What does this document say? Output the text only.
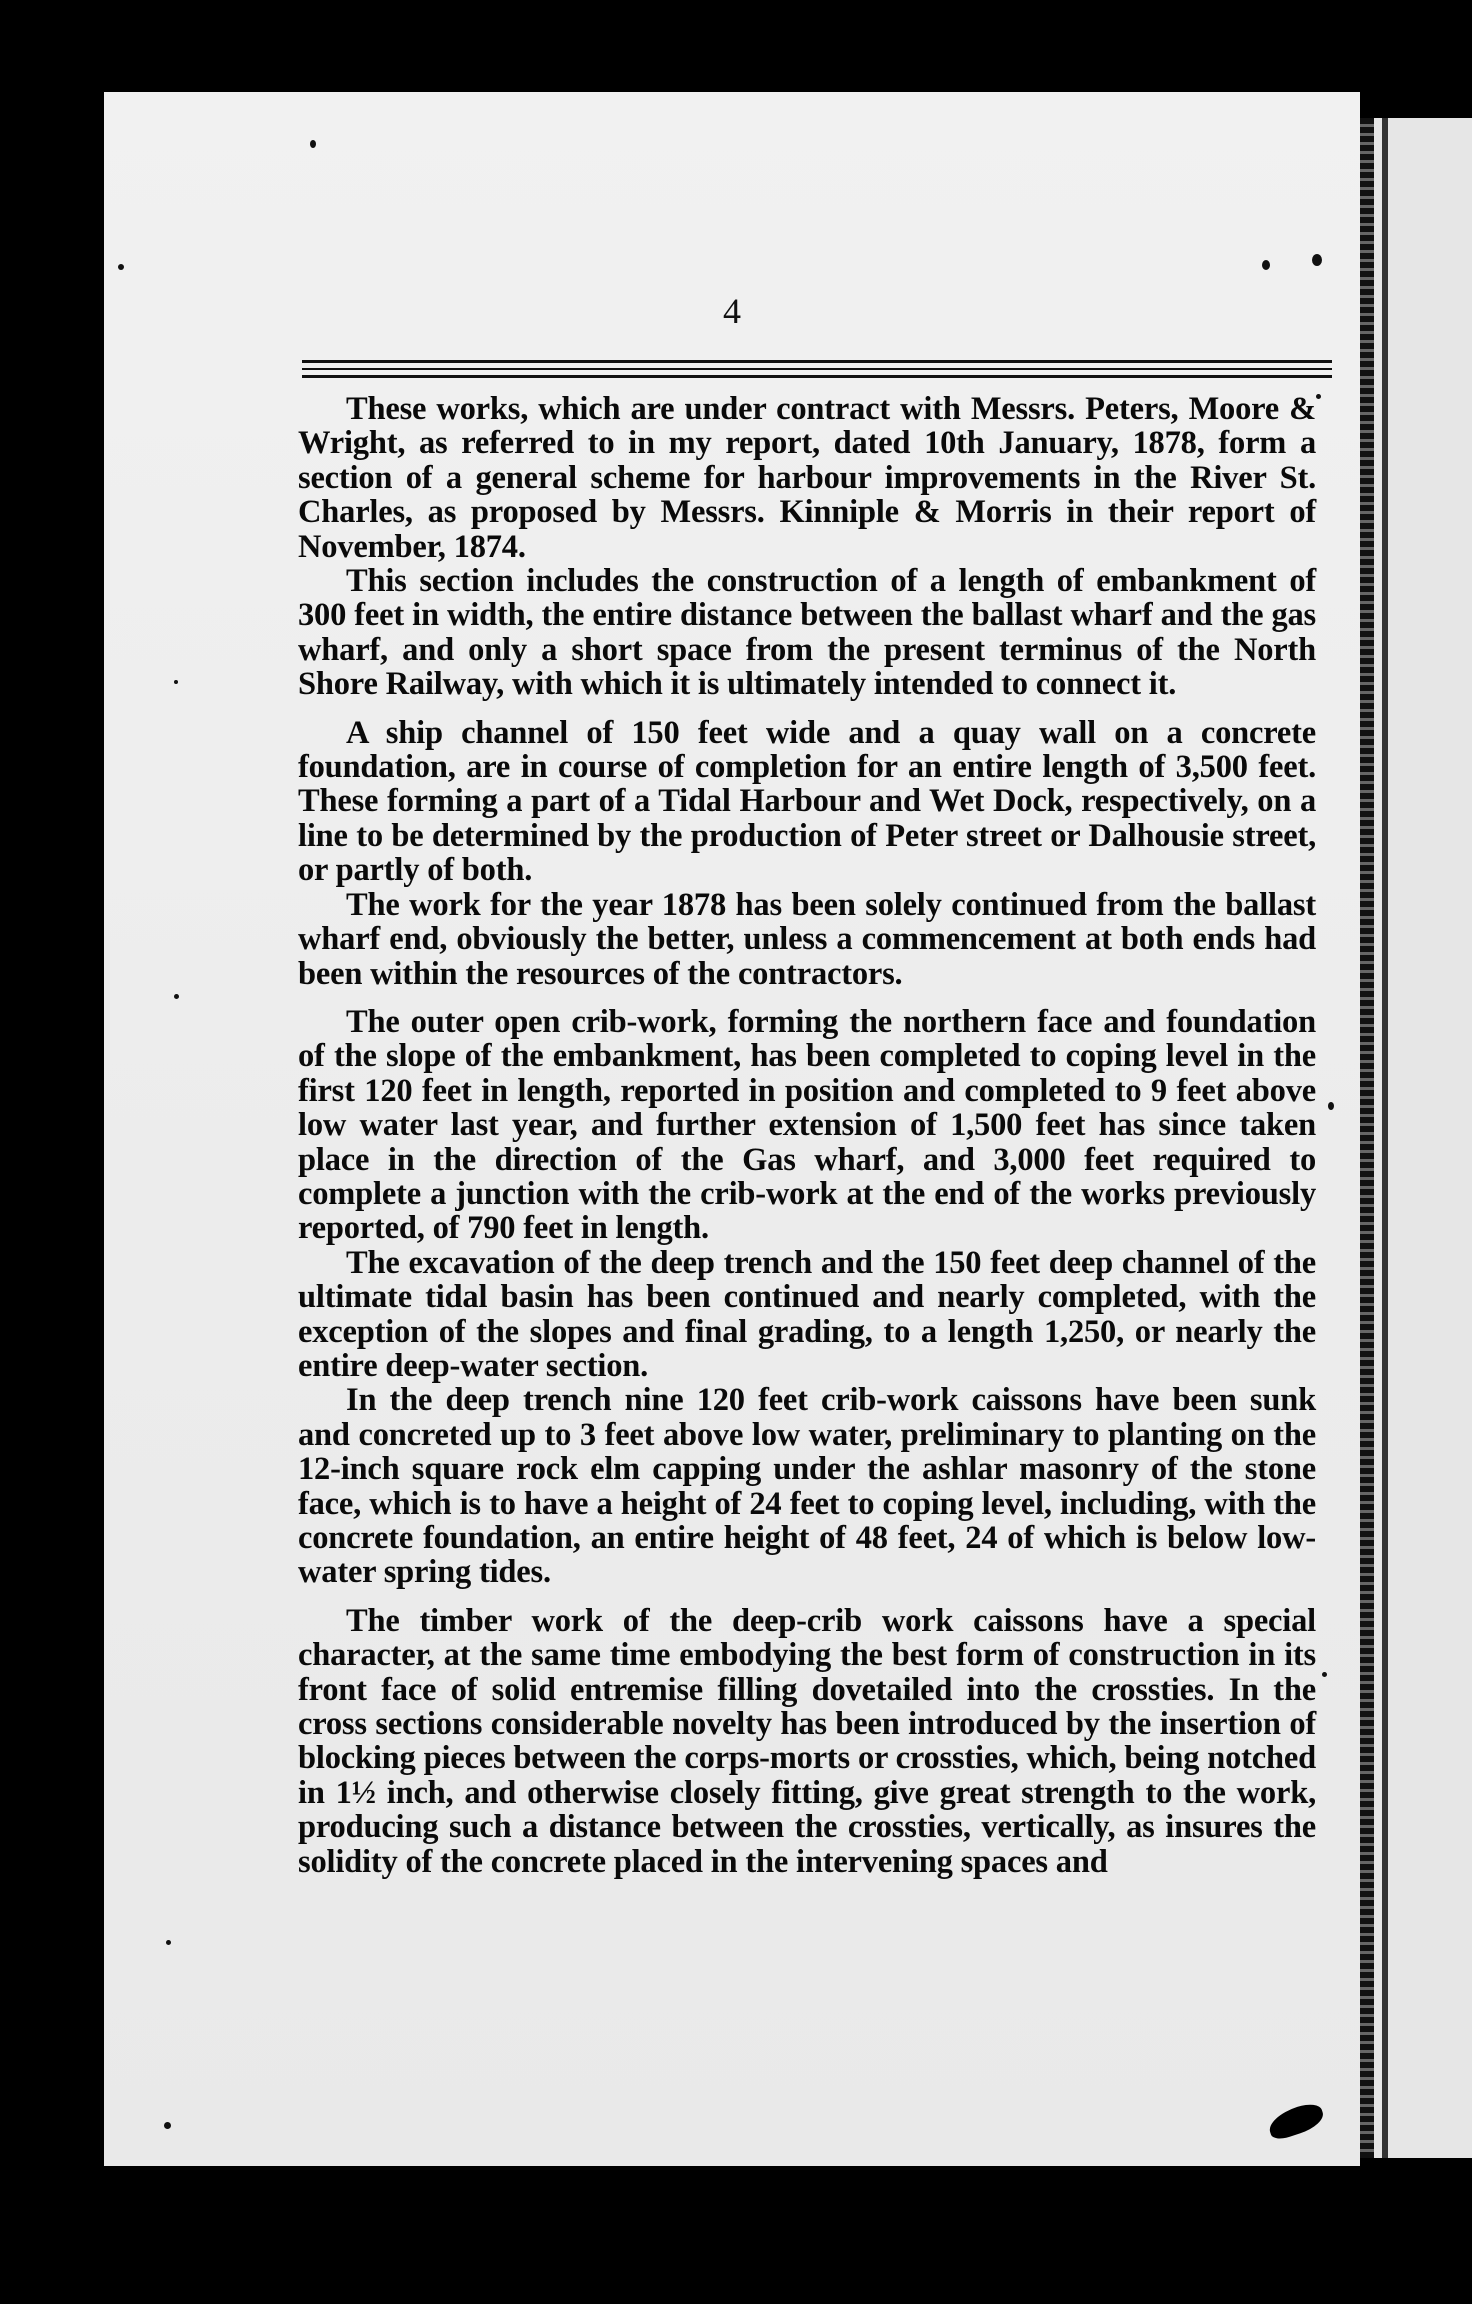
4

These works, which are under contract with Messrs. Peters, Moore & Wright, as referred to in my report, dated 10th January, 1878, form a section of a general scheme for harbour improvements in the River St. Charles, as proposed by Messrs. Kinniple & Morris in their report of November, 1874.

This section includes the construction of a length of embankment of 300 feet in width, the entire distance between the ballast wharf and the gas wharf, and only a short space from the present terminus of the North Shore Railway, with which it is ultimately intended to connect it.

A ship channel of 150 feet wide and a quay wall on a concrete foundation, are in course of completion for an entire length of 3,500 feet. These forming a part of a Tidal Harbour and Wet Dock, respectively, on a line to be determined by the production of Peter street or Dalhousie street, or partly of both.

The work for the year 1878 has been solely continued from the ballast wharf end, obviously the better, unless a commencement at both ends had been within the resources of the contractors.

The outer open crib-work, forming the northern face and foundation of the slope of the embankment, has been completed to coping level in the first 120 feet in length, reported in position and completed to 9 feet above low water last year, and further extension of 1,500 feet has since taken place in the direction of the Gas wharf, and 3,000 feet required to complete a junction with the crib-work at the end of the works previously reported, of 790 feet in length.

The excavation of the deep trench and the 150 feet deep channel of the ultimate tidal basin has been continued and nearly completed, with the exception of the slopes and final grading, to a length 1,250, or nearly the entire deep-water section.

In the deep trench nine 120 feet crib-work caissons have been sunk and concreted up to 3 feet above low water, preliminary to planting on the 12-inch square rock elm capping under the ashlar masonry of the stone face, which is to have a height of 24 feet to coping level, including, with the concrete foundation, an entire height of 48 feet, 24 of which is below low-water spring tides.

The timber work of the deep-crib work caissons have a special character, at the same time embodying the best form of construction in its front face of solid entremise filling dovetailed into the crossties. In the cross sections considerable novelty has been introduced by the insertion of blocking pieces between the corps-morts or crossties, which, being notched in 1½ inch, and otherwise closely fitting, give great strength to the work, producing such a distance between the crossties, vertically, as insures the solidity of the concrete placed in the intervening spaces and
